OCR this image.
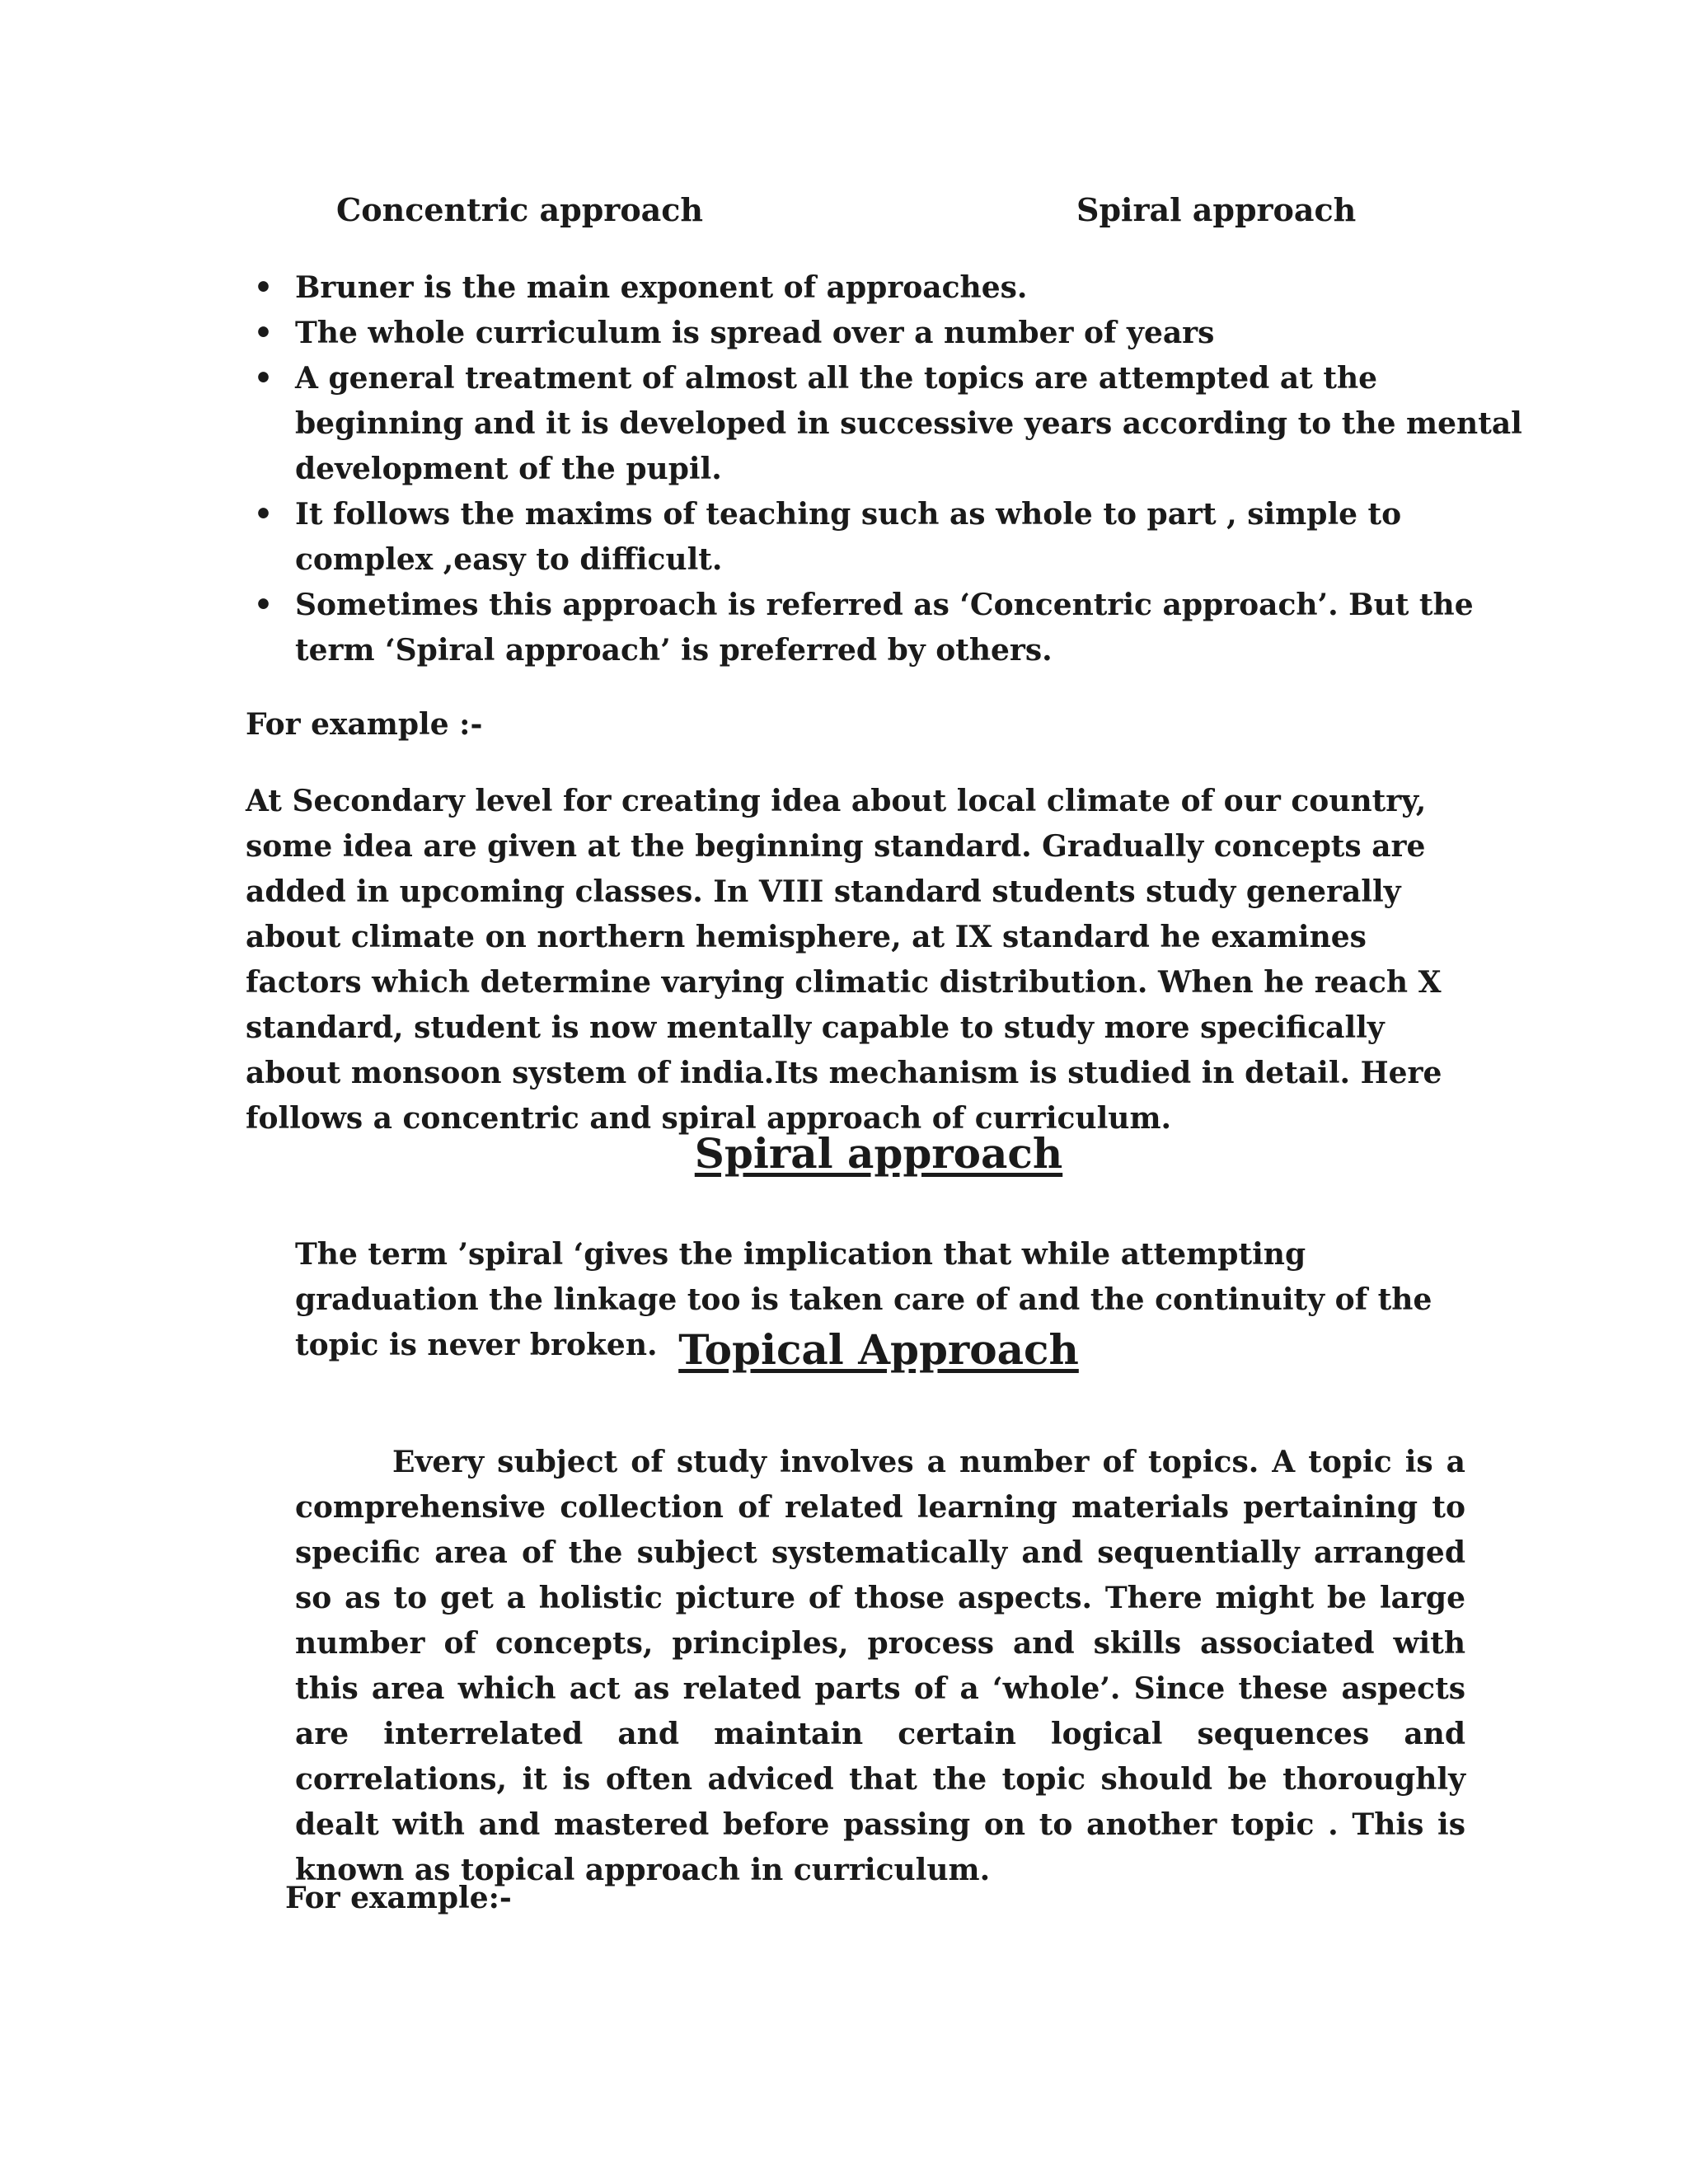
Concentric approach	Spiral approach
• Bruner is the main exponent of approaches.
• The whole curriculum is spread over a number of years
• A general treatment of almost all the topics are attempted at the beginning and it is developed in successive years according to the mental development of the pupil.
• It follows the maxims of teaching such as whole to part , simple to complex ,easy to difficult.
• Sometimes this approach is referred as ‘Concentric approach’. But the term ‘Spiral approach’ is preferred by others.
For example :-

At Secondary level for creating idea about local climate of our country, some idea are given at the beginning standard. Gradually concepts are added in upcoming classes. In VIII standard students study generally about climate on northern hemisphere, at IX standard he examines factors which determine varying climatic distribution. When he reach X standard, student is now mentally capable to study more specifically about monsoon system of india.Its mechanism is studied in detail. Here follows a concentric and spiral approach of curriculum.

Spiral approach

The term ’spiral ‘gives the implication that while attempting graduation the linkage too is taken care of and the continuity of the topic is never broken. Topical Approach

Every subject of study involves a number of topics. A topic is a comprehensive collection of related learning materials pertaining to specific area of the subject systematically and sequentially arranged so as to get a holistic picture of those aspects. There might be large number of concepts, principles, process and skills associated with this area which act as related parts of a ‘whole’. Since these aspects are interrelated and maintain certain logical sequences and correlations, it is often adviced that the topic should be thoroughly dealt with and mastered before passing on to another topic . This is known as topical approach in curriculum.

For example:-
